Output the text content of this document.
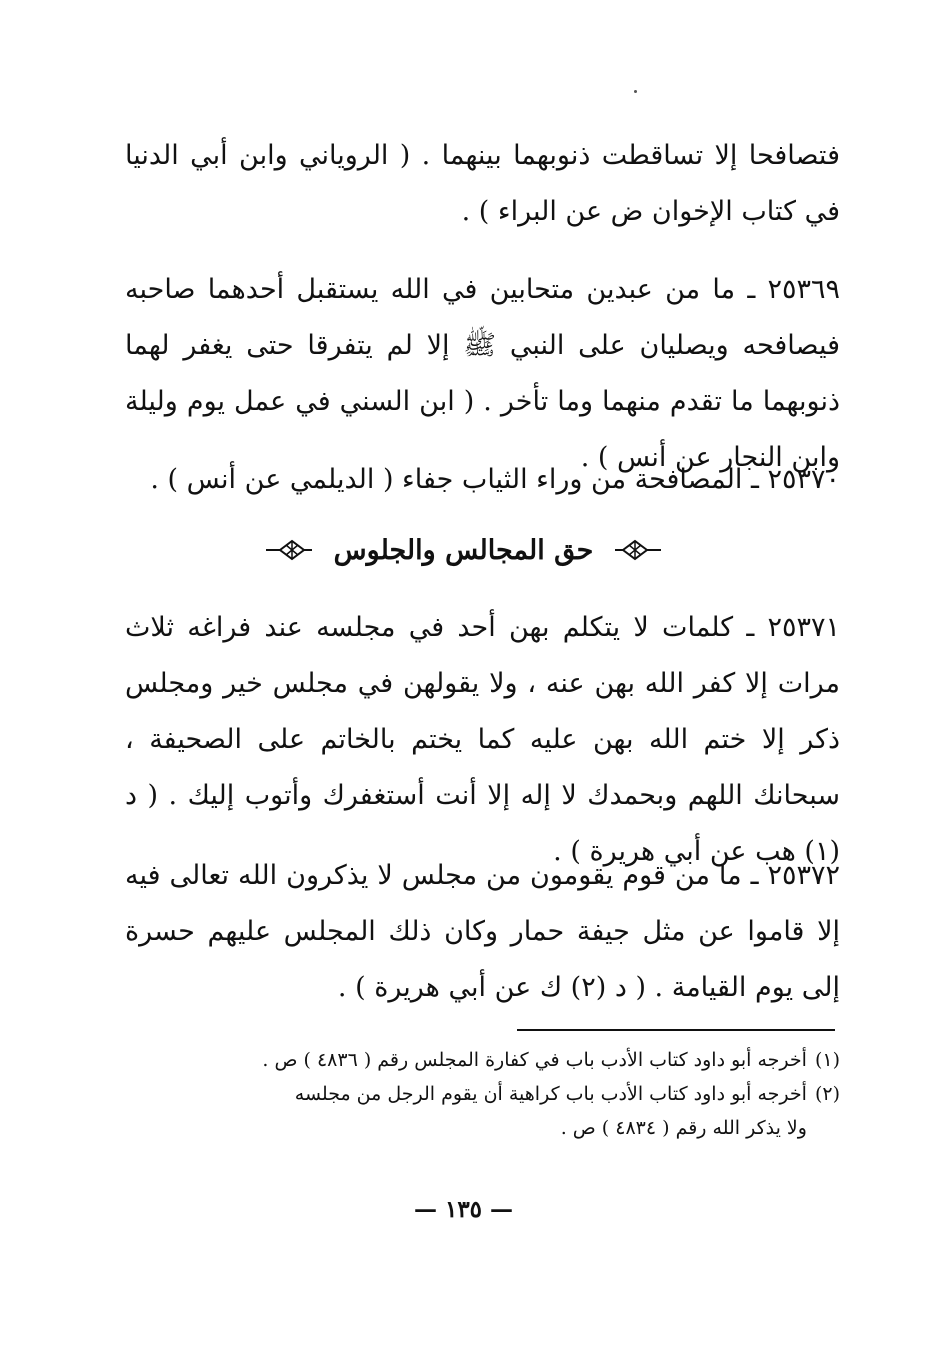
فتصافحا إلا تساقطت ذنوبهما بينهما . ( الروياني وابن أبي الدنيا في كتاب الإخوان ض عن البراء ) .

٢٥٣٦٩ ـ ما من عبدين متحابين في الله يستقبل أحدهما صاحبه فيصافحه ويصليان على النبي ﷺ إلا لم يتفرقا حتى يغفر لهما ذنوبهما ما تقدم منهما وما تأخر . ( ابن السني في عمل يوم وليلة وابن النجار عن أنس ) .

٢٥٣٧٠ ـ المصافحة من وراء الثياب جفاء ( الديلمي عن أنس ) .

حق المجالس والجلوس

٢٥٣٧١ ـ كلمات لا يتكلم بهن أحد في مجلسه عند فراغه ثلاث مرات إلا كفر الله بهن عنه ، ولا يقولهن في مجلس خير ومجلس ذكر إلا ختم الله بهن عليه كما يختم بالخاتم على الصحيفة ، سبحانك اللهم وبحمدك لا إله إلا أنت أستغفرك وأتوب إليك . ( د (١) هب عن أبي هريرة ) .

٢٥٣٧٢ ـ ما من قوم يقومون من مجلس لا يذكرون الله تعالى فيه إلا قاموا عن مثل جيفة حمار وكان ذلك المجلس عليهم حسرة إلى يوم القيامة . ( د (٢) ك عن أبي هريرة ) .

(١)
أخرجه أبو داود كتاب الأدب باب في كفارة المجلس رقم ( ٤٨٣٦ ) ص .
(٢)
أخرجه أبو داود كتاب الأدب باب كراهية أن يقوم الرجل من مجلسه
ولا يذكر الله رقم ( ٤٨٣٤ ) ص .
— ١٣٥ —
